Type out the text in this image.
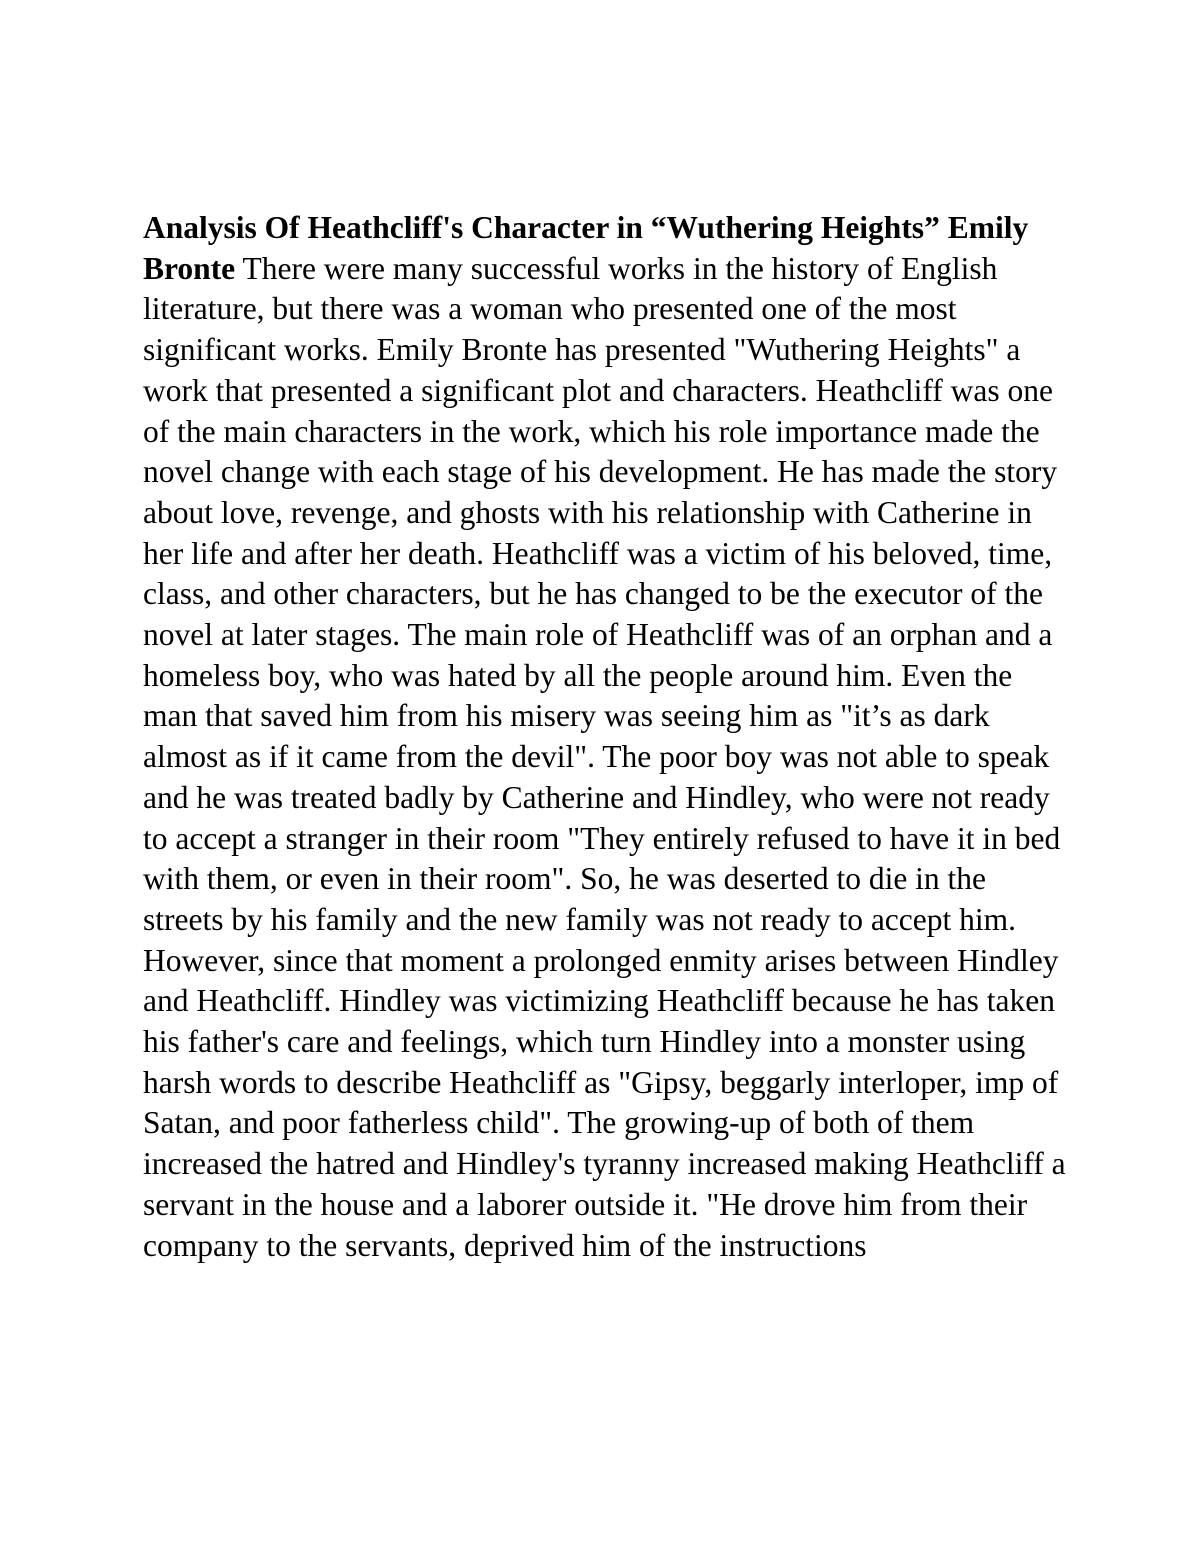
Analysis Of Heathcliff's Character in “Wuthering Heights” Emily Bronte There were many successful works in the history of English literature, but there was a woman who presented one of the most significant works. Emily Bronte has presented "Wuthering Heights" a work that presented a significant plot and characters. Heathcliff was one of the main characters in the work, which his role importance made the novel change with each stage of his development. He has made the story about love, revenge, and ghosts with his relationship with Catherine in her life and after her death. Heathcliff was a victim of his beloved, time, class, and other characters, but he has changed to be the executor of the novel at later stages. The main role of Heathcliff was of an orphan and a homeless boy, who was hated by all the people around him. Even the man that saved him from his misery was seeing him as "it’s as dark almost as if it came from the devil". The poor boy was not able to speak and he was treated badly by Catherine and Hindley, who were not ready to accept a stranger in their room "They entirely refused to have it in bed with them, or even in their room". So, he was deserted to die in the streets by his family and the new family was not ready to accept him. However, since that moment a prolonged enmity arises between Hindley and Heathcliff. Hindley was victimizing Heathcliff because he has taken his father's care and feelings, which turn Hindley into a monster using harsh words to describe Heathcliff as "Gipsy, beggarly interloper, imp of Satan, and poor fatherless child". The growing-up of both of them increased the hatred and Hindley's tyranny increased making Heathcliff a servant in the house and a laborer outside it. "He drove him from their company to the servants, deprived him of the instructions
